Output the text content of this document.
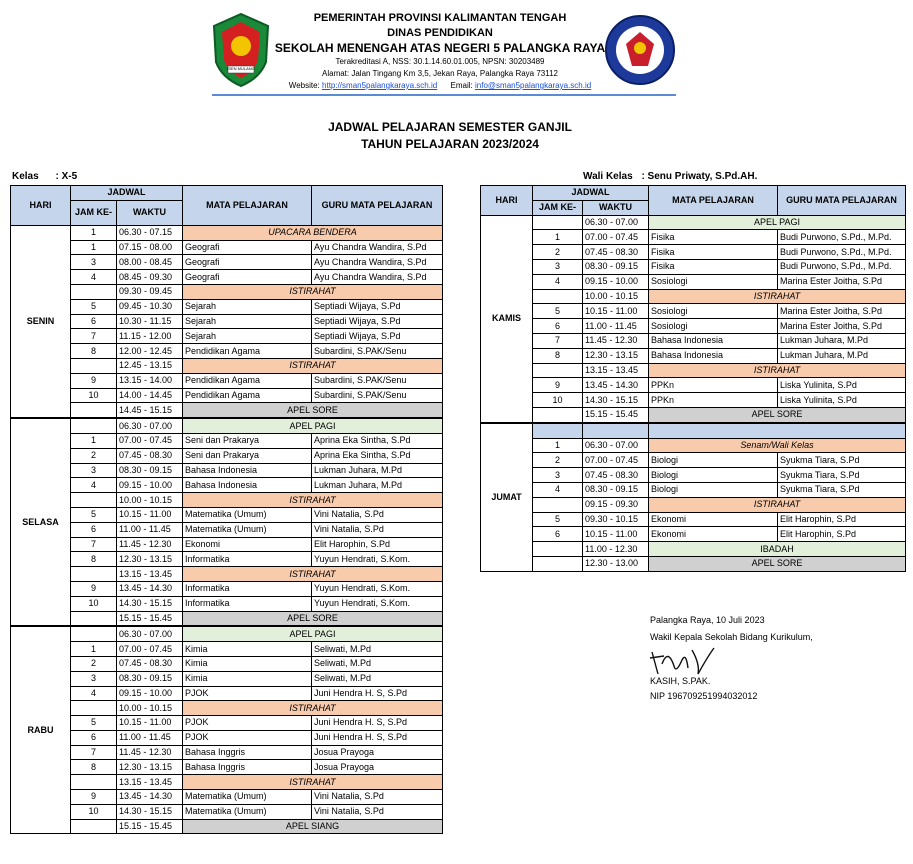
ISEN MULANG
PEMERINTAH PROVINSI KALIMANTAN TENGAH
DINAS PENDIDIKAN
SEKOLAH MENENGAH ATAS NEGERI 5 PALANGKA RAYA
Terakreditasi A, NSS: 30.1.14.60.01.005, NPSN: 30203489
Alamat: Jalan Tingang Km 3,5, Jekan Raya, Palangka Raya 73112
Website: http://sman5palangkaraya.sch.id Email: info@sman5palangkaraya.sch.id
JADWAL PELAJARAN SEMESTER GANJIL
TAHUN PELAJARAN 2023/2024
Kelas : X-5	Wali Kelas : Senu Priwaty, S.Pd.AH.
HARI	JADWAL		MATA PELAJARAN	GURU MATA PELAJARAN
	JAM KE-	WAKTU		
SENIN	1	06.30 - 07.15	UPACARA BENDERA	
	1	07.15 - 08.00	Geografi	Ayu Chandra Wandira, S.Pd
	3	08.00 - 08.45	Geografi	Ayu Chandra Wandira, S.Pd
	4	08.45 - 09.30	Geografi	Ayu Chandra Wandira, S.Pd
		09.30 - 09.45	ISTIRAHAT	
	5	09.45 - 10.30	Sejarah	Septiadi Wijaya, S.Pd
	6	10.30 - 11.15	Sejarah	Septiadi Wijaya, S.Pd
	7	11.15 - 12.00	Sejarah	Septiadi Wijaya, S.Pd
	8	12.00 - 12.45	Pendidikan Agama	Subardini, S.PAK/Senu
		12.45 - 13.15	ISTIRAHAT	
	9	13.15 - 14.00	Pendidikan Agama	Subardini, S.PAK/Senu
	10	14.00 - 14.45	Pendidikan Agama	Subardini, S.PAK/Senu
		14.45 - 15.15	APEL SORE	
SELASA		06.30 - 07.00	APEL PAGI	
	1	07.00 - 07.45	Seni dan Prakarya	Aprina Eka Sintha, S.Pd
	2	07.45 - 08.30	Seni dan Prakarya	Aprina Eka Sintha, S.Pd
	3	08.30 - 09.15	Bahasa Indonesia	Lukman Juhara, M.Pd
	4	09.15 - 10.00	Bahasa Indonesia	Lukman Juhara, M.Pd
		10.00 - 10.15	ISTIRAHAT	
	5	10.15 - 11.00	Matematika (Umum)	Vini Natalia, S.Pd
	6	11.00 - 11.45	Matematika (Umum)	Vini Natalia, S.Pd
	7	11.45 - 12.30	Ekonomi	Elit Harophin, S.Pd
	8	12.30 - 13.15	Informatika	Yuyun Hendrati, S.Kom.
		13.15 - 13.45	ISTIRAHAT	
	9	13.45 - 14.30	Informatika	Yuyun Hendrati, S.Kom.
	10	14.30 - 15.15	Informatika	Yuyun Hendrati, S.Kom.
		15.15 - 15.45	APEL SORE	
RABU		06.30 - 07.00	APEL PAGI	
	1	07.00 - 07.45	Kimia	Seliwati, M.Pd
	2	07.45 - 08.30	Kimia	Seliwati, M.Pd
	3	08.30 - 09.15	Kimia	Seliwati, M.Pd
	4	09.15 - 10.00	PJOK	Juni Hendra H. S, S.Pd
		10.00 - 10.15	ISTIRAHAT	
	5	10.15 - 11.00	PJOK	Juni Hendra H. S, S.Pd
	6	11.00 - 11.45	PJOK	Juni Hendra H. S, S.Pd
	7	11.45 - 12.30	Bahasa Inggris	Josua Prayoga
	8	12.30 - 13.15	Bahasa Inggris	Josua Prayoga
		13.15 - 13.45	ISTIRAHAT	
	9	13.45 - 14.30	Matematika (Umum)	Vini Natalia, S.Pd
	10	14.30 - 15.15	Matematika (Umum)	Vini Natalia, S.Pd
		15.15 - 15.45	APEL SIANG	
HARI	JADWAL		MATA PELAJARAN	GURU MATA PELAJARAN
	JAM KE-	WAKTU		
KAMIS		06.30 - 07.00	APEL PAGI	
	1	07.00 - 07.45	Fisika	Budi Purwono, S.Pd., M.Pd.
	2	07.45 - 08.30	Fisika	Budi Purwono, S.Pd., M.Pd.
	3	08.30 - 09.15	Fisika	Budi Purwono, S.Pd., M.Pd.
	4	09.15 - 10.00	Sosiologi	Marina Ester Joitha, S.Pd
		10.00 - 10.15	ISTIRAHAT	
	5	10.15 - 11.00	Sosiologi	Marina Ester Joitha, S.Pd
	6	11.00 - 11.45	Sosiologi	Marina Ester Joitha, S.Pd
	7	11.45 - 12.30	Bahasa Indonesia	Lukman Juhara, M.Pd
	8	12.30 - 13.15	Bahasa Indonesia	Lukman Juhara, M.Pd
		13.15 - 13.45	ISTIRAHAT	
	9	13.45 - 14.30	PPKn	Liska Yulinita, S.Pd
	10	14.30 - 15.15	PPKn	Liska Yulinita, S.Pd
		15.15 - 15.45	APEL SORE	
JUMAT				
	1	06.30 - 07.00	Senam/Wali Kelas	
	2	07.00 - 07.45	Biologi	Syukma Tiara, S.Pd
	3	07.45 - 08.30	Biologi	Syukma Tiara, S.Pd
	4	08.30 - 09.15	Biologi	Syukma Tiara, S.Pd
		09.15 - 09.30	ISTIRAHAT	
	5	09.30 - 10.15	Ekonomi	Elit Harophin, S.Pd
	6	10.15 - 11.00	Ekonomi	Elit Harophin, S.Pd
		11.00 - 12.30	IBADAH	
		12.30 - 13.00	APEL SORE	
Palangka Raya, 10 Juli 2023
Wakil Kepala Sekolah Bidang Kurikulum,
KASIH, S.PAK.
NIP 196709251994032012
